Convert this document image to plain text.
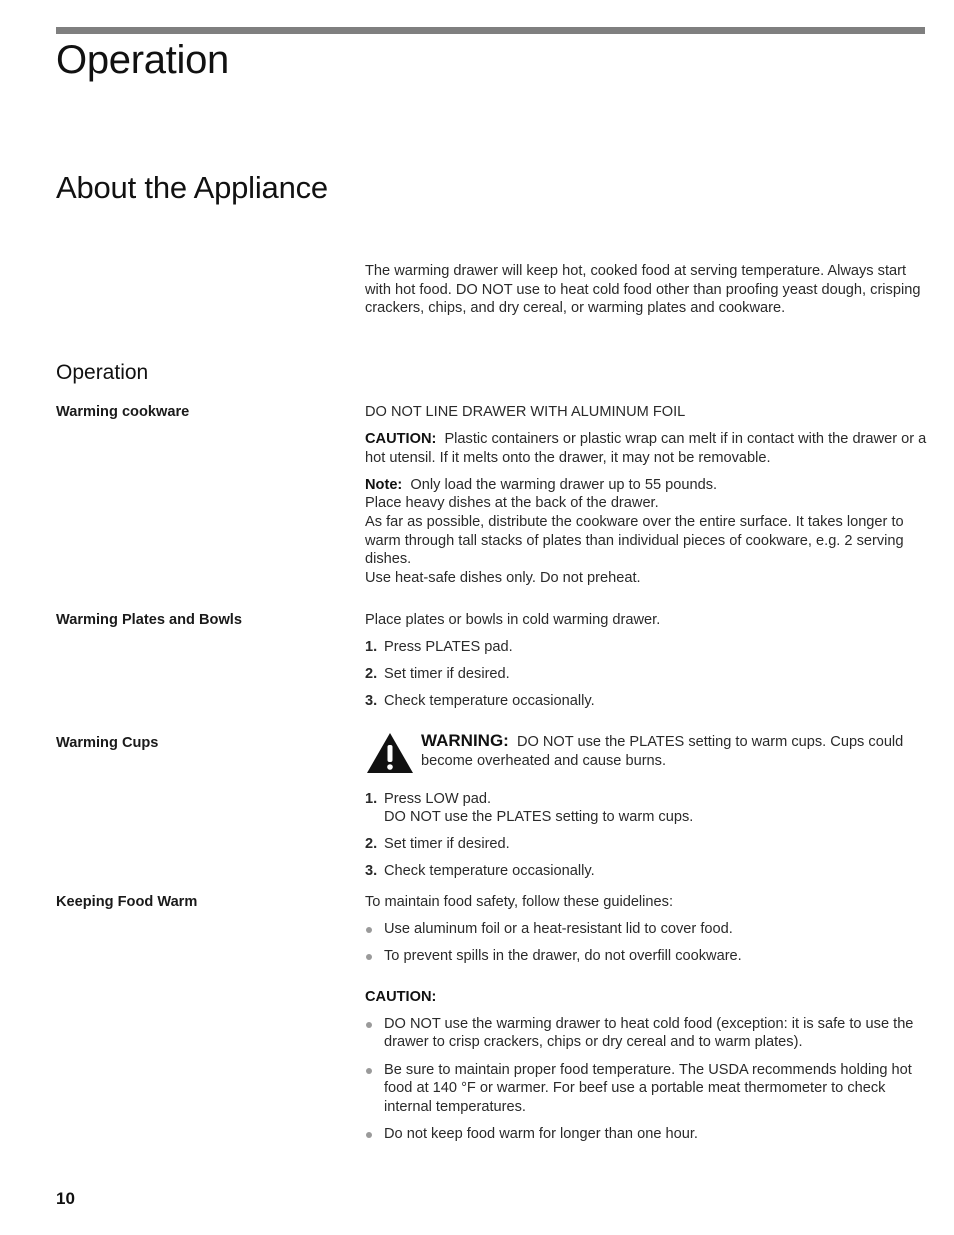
Operation
About the Appliance
The warming drawer will keep hot, cooked food at serving temperature. Always start with hot food. DO NOT use to heat cold food other than proofing yeast dough, crisping crackers, chips, and dry cereal, or warming plates and cookware.
Operation
Warming cookware	DO NOT LINE DRAWER WITH ALUMINUM FOIL

CAUTION: Plastic containers or plastic wrap can melt if in contact with the drawer or a hot utensil. If it melts onto the drawer, it may not be removable.

Note: Only load the warming drawer up to 55 pounds.

Place heavy dishes at the back of the drawer.

As far as possible, distribute the cookware over the entire surface. It takes longer to warm through tall stacks of plates than individual pieces of cookware, e.g. 2 serving dishes.

Use heat-safe dishes only. Do not preheat.

Warming Plates and Bowls	Place plates or bowls in cold warming drawer.

1. Press PLATES pad.
2. Set timer if desired.
3. Check temperature occasionally.
Warming Cups	WARNING: DO NOT use the PLATES setting to warm cups. Cups could become overheated and cause burns.
1. Press LOW pad.
DO NOT use the PLATES setting to warm cups.
2. Set timer if desired.
3. Check temperature occasionally.
Keeping Food Warm	To maintain food safety, follow these guidelines:

Use aluminum foil or a heat-resistant lid to cover food.
To prevent spills in the drawer, do not overfill cookware.

CAUTION:

DO NOT use the warming drawer to heat cold food (exception: it is safe to use the drawer to crisp crackers, chips or dry cereal and to warm plates).
Be sure to maintain proper food temperature. The USDA recommends holding hot food at 140 °F or warmer. For beef use a portable meat thermometer to check internal temperatures.
Do not keep food warm for longer than one hour.
10
